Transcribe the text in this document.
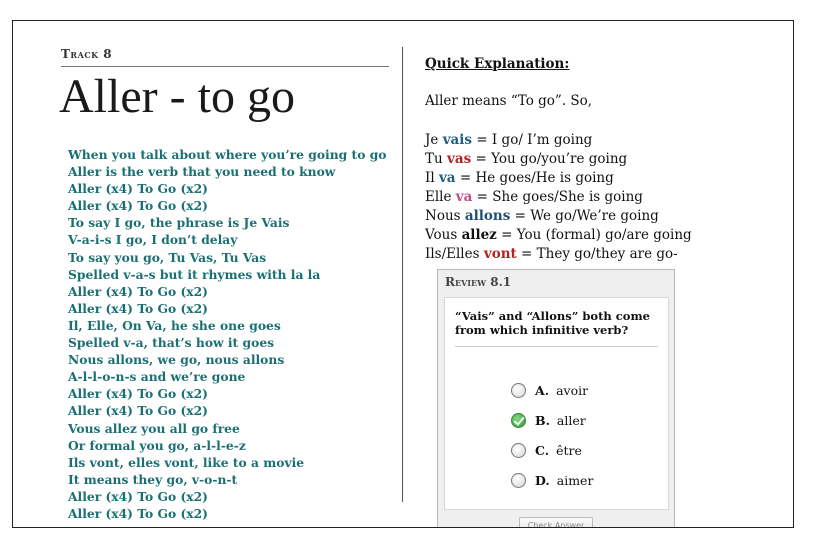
Track 8
Aller - to go
When you talk about where you’re going to go
Aller is the verb that you need to know
Aller (x4) To Go (x2)
Aller (x4) To Go (x2)
To say I go, the phrase is Je Vais
V-a-i-s I go, I don’t delay
To say you go, Tu Vas, Tu Vas
Spelled v-a-s but it rhymes with la la
Aller (x4) To Go (x2)
Aller (x4) To Go (x2)
Il, Elle, On Va, he she one goes
Spelled v-a, that’s how it goes
Nous allons, we go, nous allons
A-l-l-o-n-s and we’re gone
Aller (x4) To Go (x2)
Aller (x4) To Go (x2)
Vous allez you all go free
Or formal you go, a-l-l-e-z
Ils vont, elles vont, like to a movie
It means they go, v-o-n-t
Aller (x4) To Go (x2)
Aller (x4) To Go (x2)
Quick Explanation:
Aller means “To go”. So,
Je vais = I go/ I’m going
Tu vas = You go/you’re going
Il va = He goes/He is going
Elle va = She goes/She is going
Nous allons = We go/We’re going
Vous allez = You (formal) go/are going
Ils/Elles vont = They go/they are go-
Review 8.1
“Vais” and “Allons” both come from which infinitive verb?
A. avoir
B. aller
C. être
D. aimer
Check Answer
